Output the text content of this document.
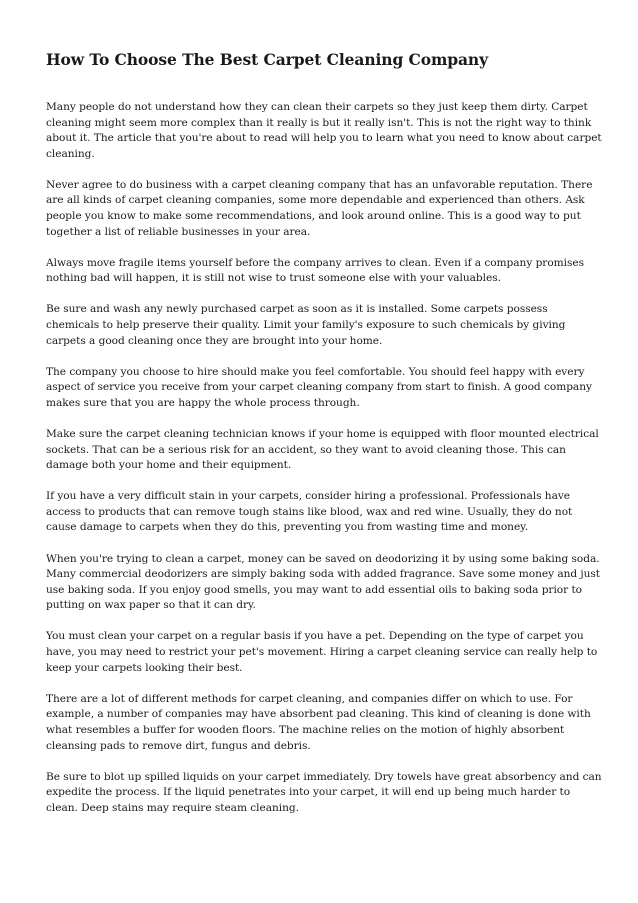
How To Choose The Best Carpet Cleaning Company

Many people do not understand how they can clean their carpets so they just keep them dirty. Carpet cleaning might seem more complex than it really is but it really isn't. This is not the right way to think about it. The article that you're about to read will help you to learn what you need to know about carpet cleaning.

Never agree to do business with a carpet cleaning company that has an unfavorable reputation. There are all kinds of carpet cleaning companies, some more dependable and experienced than others. Ask people you know to make some recommendations, and look around online. This is a good way to put together a list of reliable businesses in your area.

Always move fragile items yourself before the company arrives to clean. Even if a company promises nothing bad will happen, it is still not wise to trust someone else with your valuables.

Be sure and wash any newly purchased carpet as soon as it is installed. Some carpets possess chemicals to help preserve their quality. Limit your family's exposure to such chemicals by giving carpets a good cleaning once they are brought into your home.

The company you choose to hire should make you feel comfortable. You should feel happy with every aspect of service you receive from your carpet cleaning company from start to finish. A good company makes sure that you are happy the whole process through.

Make sure the carpet cleaning technician knows if your home is equipped with floor mounted electrical sockets. That can be a serious risk for an accident, so they want to avoid cleaning those. This can damage both your home and their equipment.

If you have a very difficult stain in your carpets, consider hiring a professional. Professionals have access to products that can remove tough stains like blood, wax and red wine. Usually, they do not cause damage to carpets when they do this, preventing you from wasting time and money.

When you're trying to clean a carpet, money can be saved on deodorizing it by using some baking soda. Many commercial deodorizers are simply baking soda with added fragrance. Save some money and just use baking soda. If you enjoy good smells, you may want to add essential oils to baking soda prior to putting on wax paper so that it can dry.

You must clean your carpet on a regular basis if you have a pet. Depending on the type of carpet you have, you may need to restrict your pet's movement. Hiring a carpet cleaning service can really help to keep your carpets looking their best.

There are a lot of different methods for carpet cleaning, and companies differ on which to use. For example, a number of companies may have absorbent pad cleaning. This kind of cleaning is done with what resembles a buffer for wooden floors. The machine relies on the motion of highly absorbent cleansing pads to remove dirt, fungus and debris.

Be sure to blot up spilled liquids on your carpet immediately. Dry towels have great absorbency and can expedite the process. If the liquid penetrates into your carpet, it will end up being much harder to clean. Deep stains may require steam cleaning.
